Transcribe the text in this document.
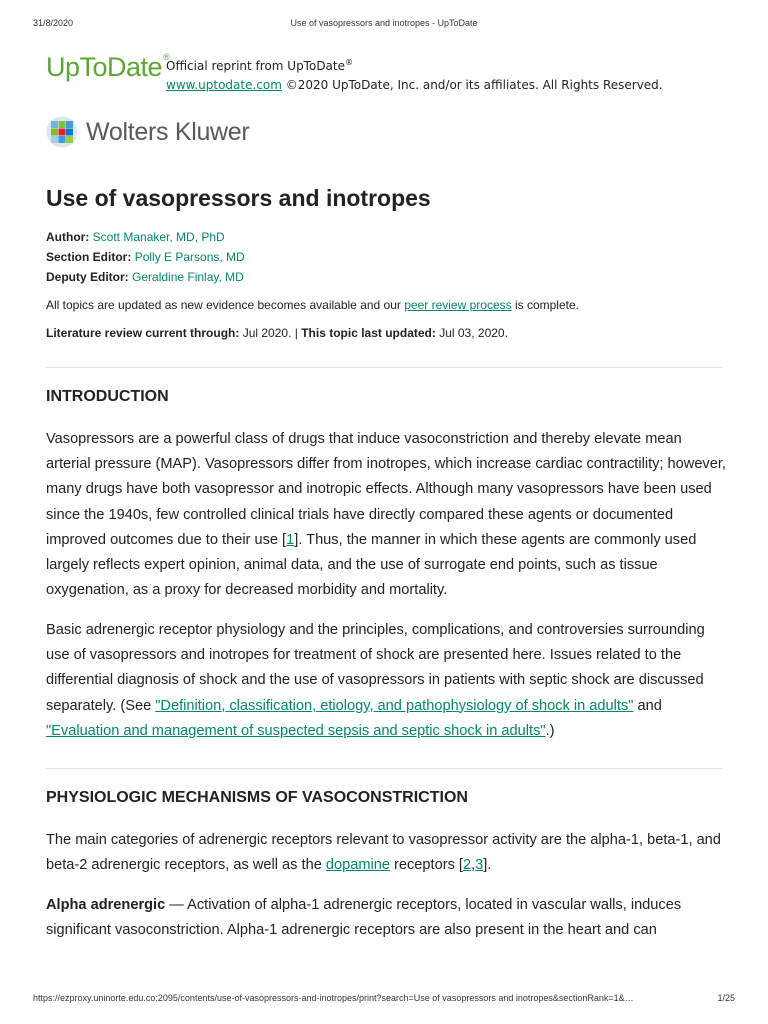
31/8/2020	Use of vasopressors and inotropes - UpToDate
UpToDate®
Official reprint from UpToDate®
www.uptodate.com ©2020 UpToDate, Inc. and/or its affiliates. All Rights Reserved.
Wolters Kluwer
Use of vasopressors and inotropes
Author: Scott Manaker, MD, PhD
Section Editor: Polly E Parsons, MD
Deputy Editor: Geraldine Finlay, MD
All topics are updated as new evidence becomes available and our peer review process is complete.
Literature review current through: Jul 2020. | This topic last updated: Jul 03, 2020.
INTRODUCTION

Vasopressors are a powerful class of drugs that induce vasoconstriction and thereby elevate mean arterial pressure (MAP). Vasopressors differ from inotropes, which increase cardiac contractility; however, many drugs have both vasopressor and inotropic effects. Although many vasopressors have been used since the 1940s, few controlled clinical trials have directly compared these agents or documented improved outcomes due to their use [1]. Thus, the manner in which these agents are commonly used largely reflects expert opinion, animal data, and the use of surrogate end points, such as tissue oxygenation, as a proxy for decreased morbidity and mortality.

Basic adrenergic receptor physiology and the principles, complications, and controversies surrounding use of vasopressors and inotropes for treatment of shock are presented here. Issues related to the differential diagnosis of shock and the use of vasopressors in patients with septic shock are discussed separately. (See "Definition, classification, etiology, and pathophysiology of shock in adults" and "Evaluation and management of suspected sepsis and septic shock in adults".)

PHYSIOLOGIC MECHANISMS OF VASOCONSTRICTION

The main categories of adrenergic receptors relevant to vasopressor activity are the alpha-1, beta-1, and beta-2 adrenergic receptors, as well as the dopamine receptors [2,3].

Alpha adrenergic — Activation of alpha-1 adrenergic receptors, located in vascular walls, induces significant vasoconstriction. Alpha-1 adrenergic receptors are also present in the heart and can

https://ezproxy.uninorte.edu.co:2095/contents/use-of-vasopressors-and-inotropes/print?search=Use of vasopressors and inotropes&sectionRank=1&…	1/25
